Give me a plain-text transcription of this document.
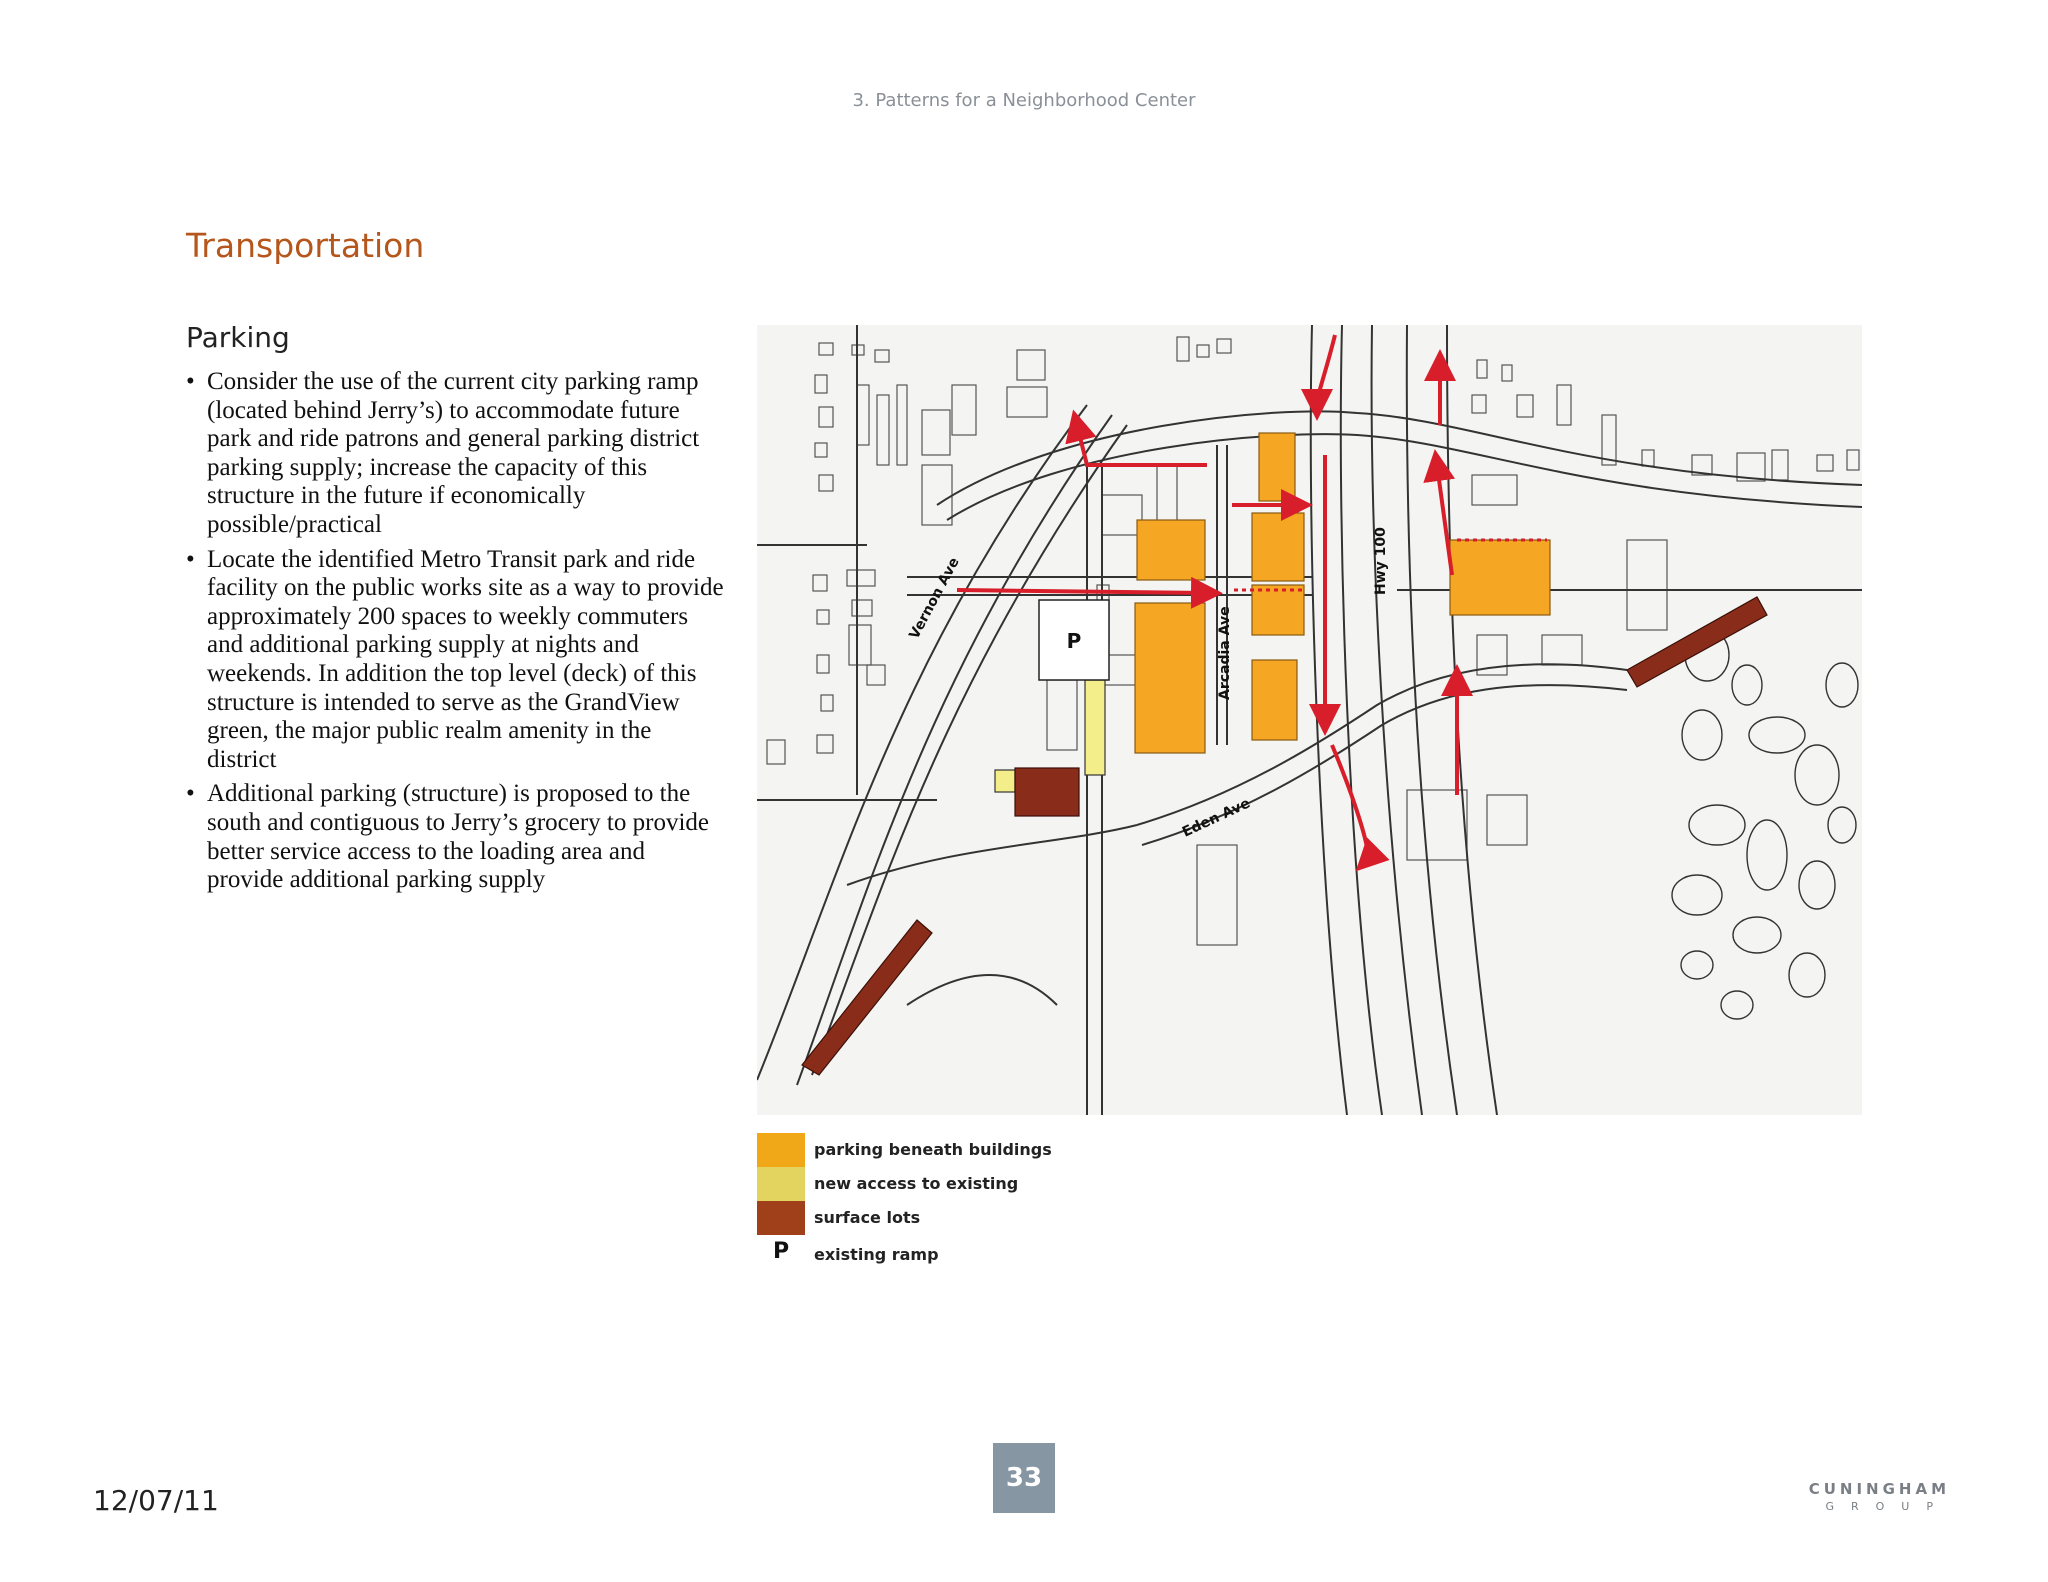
3. Patterns for a Neighborhood Center
Transportation
Parking
• Consider the use of the current city parking ramp (located behind Jerry’s) to accommodate future park and ride patrons and general parking district parking supply; increase the capacity of this structure in the future if economically possible/practical
• Locate the identified Metro Transit park and ride facility on the public works site as a way to provide approximately 200 spaces to weekly commuters and additional parking supply at nights and weekends. In addition the top level (deck) of this structure is intended to serve as the GrandView green, the major public realm amenity in the district
• Additional parking (structure) is proposed to the south and contiguous to Jerry’s grocery to provide better service access to the loading area and provide additional parking supply
P
Vernon Ave
Arcadia Ave
Hwy 100
Eden Ave
parking beneath buildings
new access to existing
surface lots
P existing ramp
12/07/11
33	CUNINGHAM
GROUP
